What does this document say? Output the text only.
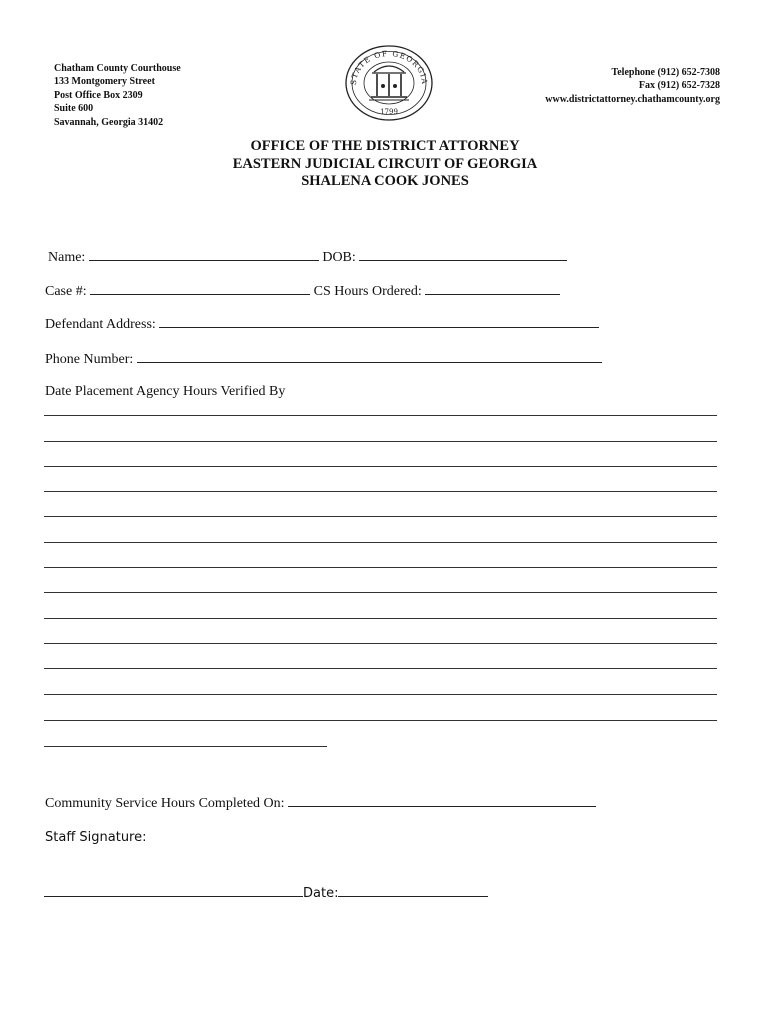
Chatham County Courthouse
133 Montgomery Street
Post Office Box 2309
Suite 600
Savannah, Georgia 31402
STATE OF GEORGIA
1799
Telephone (912) 652-7308
Fax (912) 652-7328
www.districtattorney.chathamcounty.org
OFFICE OF THE DISTRICT ATTORNEY
EASTERN JUDICIAL CIRCUIT OF GEORGIA
SHALENA COOK JONES
Name:	DOB:
Case #:	CS Hours Ordered:
Defendant Address:
Phone Number:
Date Placement Agency Hours Verified By
Community Service Hours Completed On:
Staff Signature:
Date:
